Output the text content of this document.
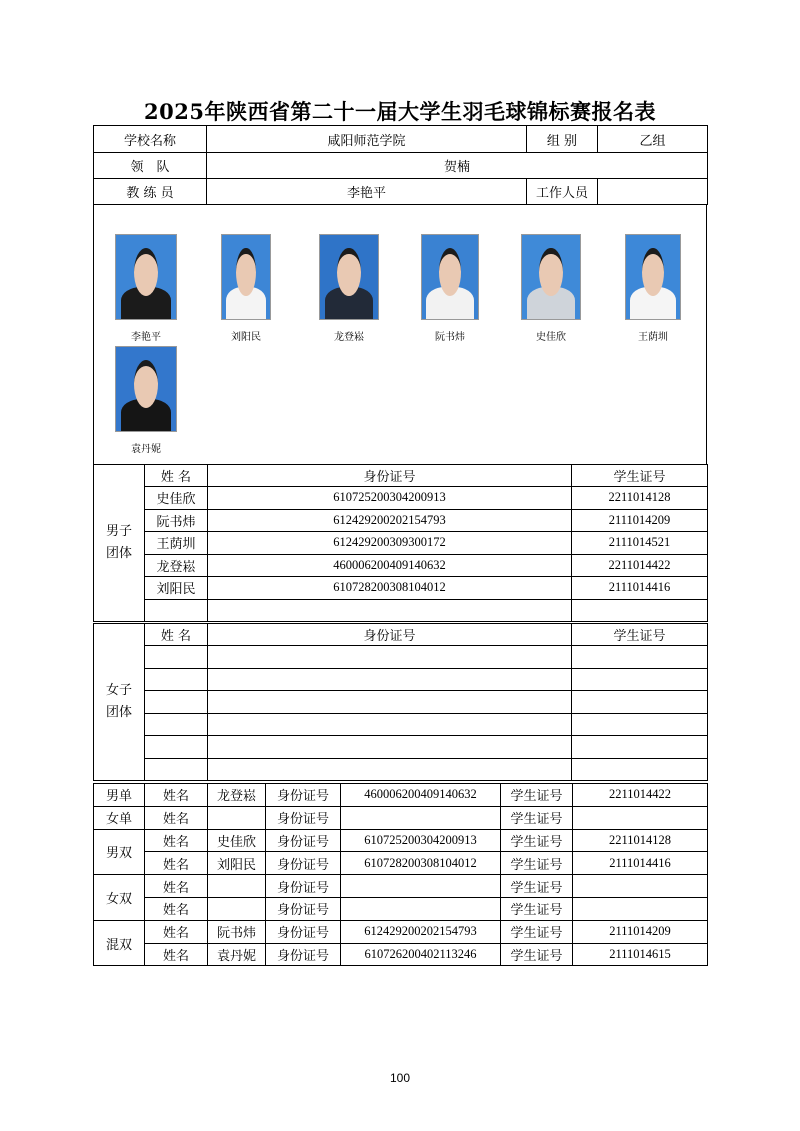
2025年陕西省第二十一届大学生羽毛球锦标赛报名表
学校名称	咸阳师范学院	组 别	乙组
领　队	贺楠		
教 练 员	李艳平	工作人员	
李艳平	刘阳民	龙登崧	阮书炜	史佳欣	王荫圳
袁丹妮
男子
团体	姓 名	身份证号	学生证号
	史佳欣	610725200304200913	2211014128
	阮书炜	612429200202154793	2111014209
	王荫圳	612429200309300172	2111014521
	龙登崧	460006200409140632	2211014422
	刘阳民	610728200308104012	2111014416

女子
团体	姓 名	身份证号	学生证号

男单	姓名	龙登崧	身份证号	460006200409140632	学生证号	2211014422
女单	姓名		身份证号		学生证号	
男双	姓名	史佳欣	身份证号	610725200304200913	学生证号	2211014128
	姓名	刘阳民	身份证号	610728200308104012	学生证号	2111014416
女双	姓名		身份证号		学生证号	
	姓名		身份证号		学生证号	
混双	姓名	阮书炜	身份证号	612429200202154793	学生证号	2111014209
	姓名	袁丹妮	身份证号	610726200402113246	学生证号	2111014615
100
